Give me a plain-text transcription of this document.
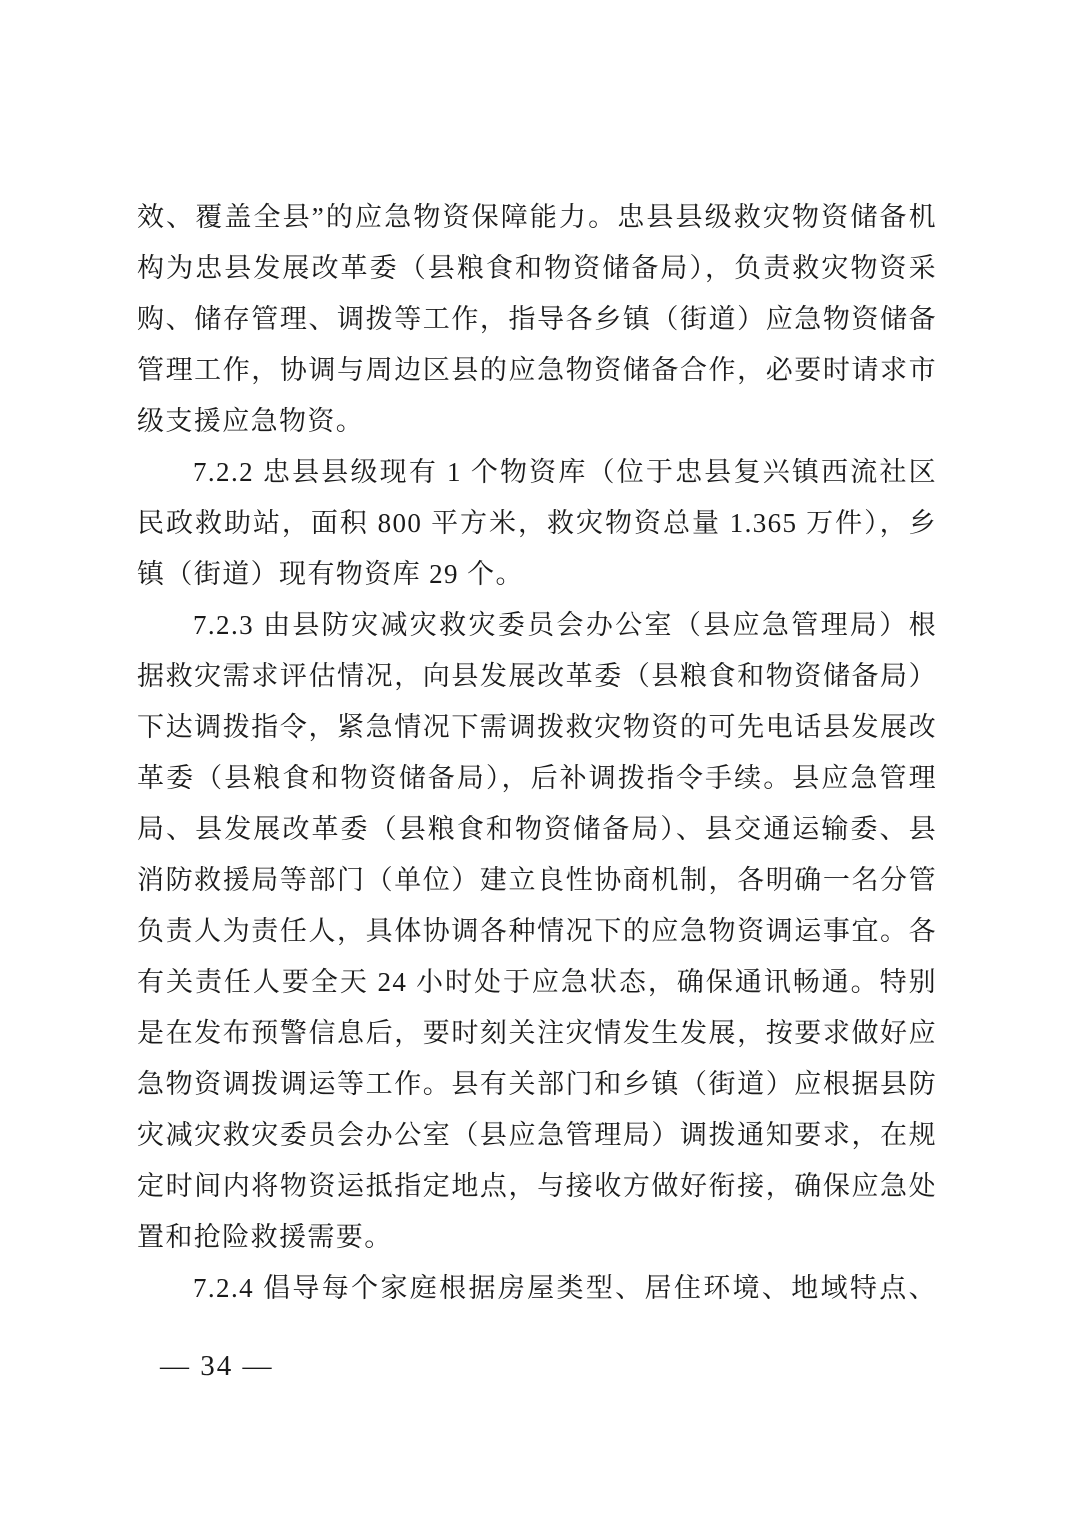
效、覆盖全县”的应急物资保障能力。忠县县级救灾物资储备机
构为忠县发展改革委（县粮食和物资储备局），负责救灾物资采
购、储存管理、调拨等工作，指导各乡镇（街道）应急物资储备
管理工作，协调与周边区县的应急物资储备合作，必要时请求市
级支援应急物资。
7.2.2 忠县县级现有 1 个物资库（位于忠县复兴镇西流社区
民政救助站，面积 800 平方米，救灾物资总量 1.365 万件），乡
镇（街道）现有物资库 29 个。
7.2.3 由县防灾减灾救灾委员会办公室（县应急管理局）根
据救灾需求评估情况，向县发展改革委（县粮食和物资储备局）
下达调拨指令，紧急情况下需调拨救灾物资的可先电话县发展改
革委（县粮食和物资储备局），后补调拨指令手续。县应急管理
局、县发展改革委（县粮食和物资储备局）、县交通运输委、县
消防救援局等部门（单位）建立良性协商机制，各明确一名分管
负责人为责任人，具体协调各种情况下的应急物资调运事宜。各
有关责任人要全天 24 小时处于应急状态，确保通讯畅通。特别
是在发布预警信息后，要时刻关注灾情发生发展，按要求做好应
急物资调拨调运等工作。县有关部门和乡镇（街道）应根据县防
灾减灾救灾委员会办公室（县应急管理局）调拨通知要求，在规
定时间内将物资运抵指定地点，与接收方做好衔接，确保应急处
置和抢险救援需要。
7.2.4 倡导每个家庭根据房屋类型、居住环境、地域特点、
— 34 —
